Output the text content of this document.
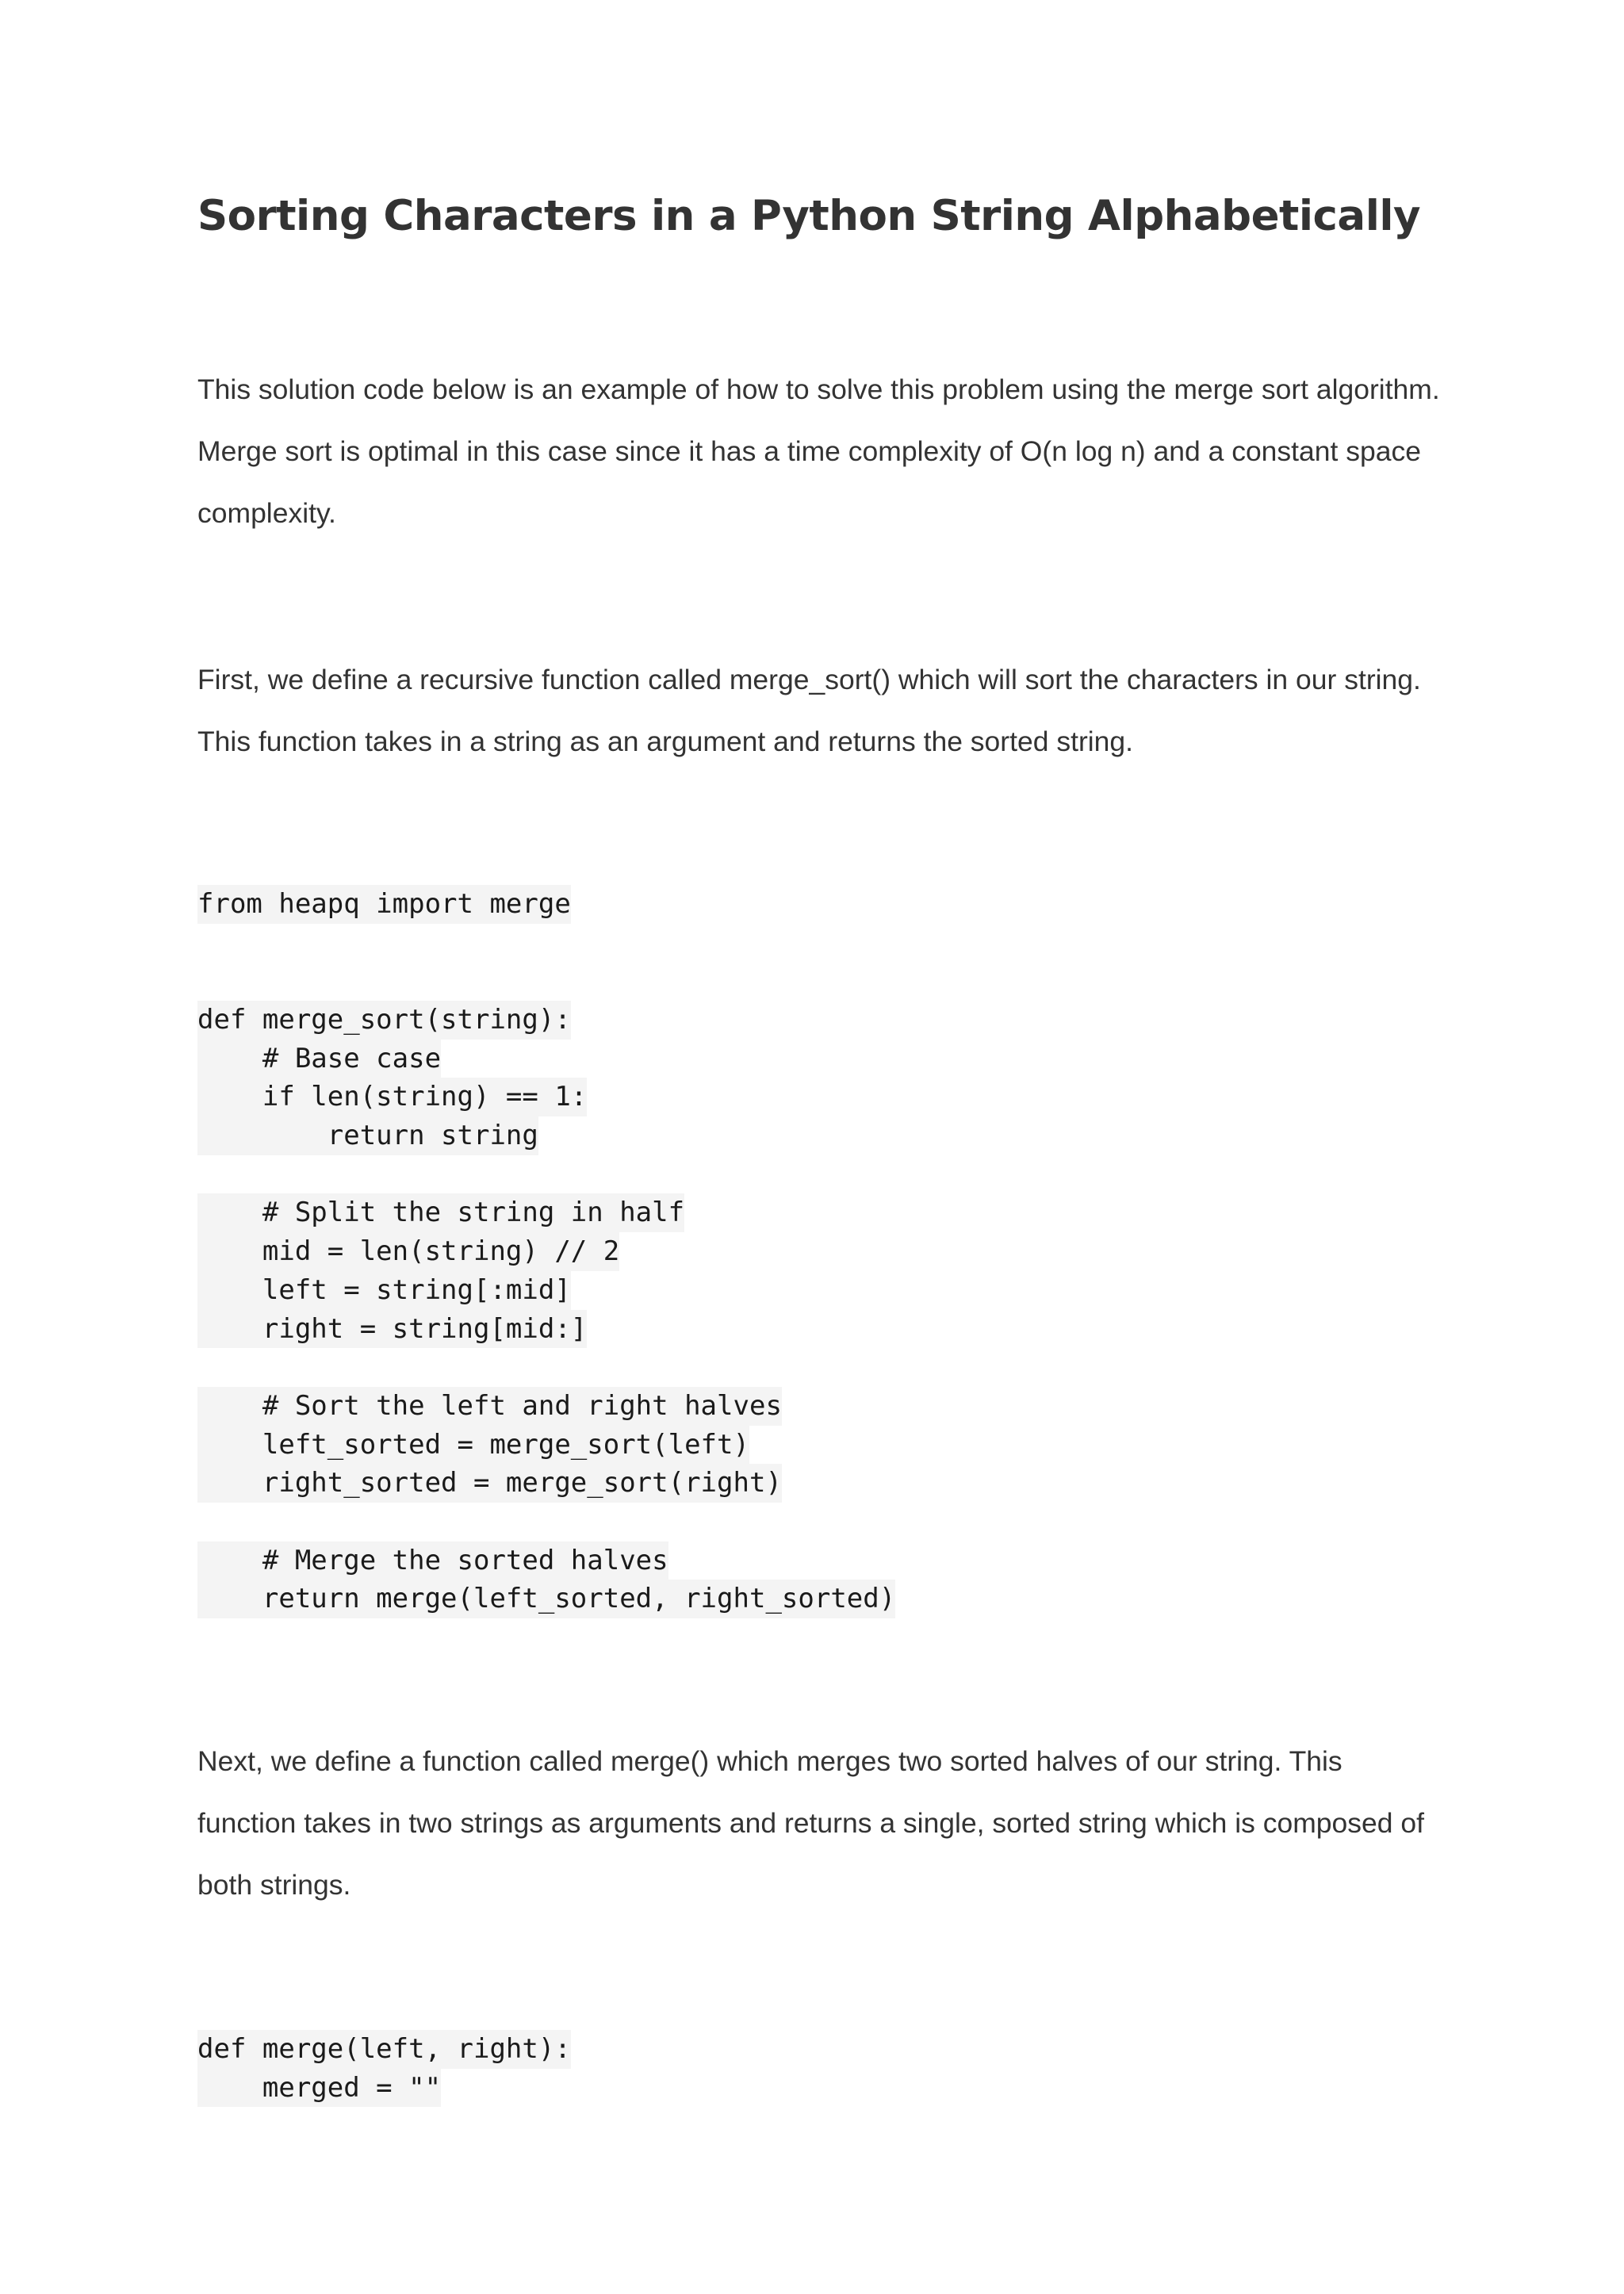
Sorting Characters in a Python String Alphabetically

This solution code below is an example of how to solve this problem using the merge sort algorithm. Merge sort is optimal in this case since it has a time complexity of O(n log n) and a constant space complexity.

First, we define a recursive function called merge_sort() which will sort the characters in our string. This function takes in a string as an argument and returns the sorted string.

from heapq import merge
def merge_sort(string):
# Base case
if len(string) == 1:
return string
# Split the string in half
mid = len(string) // 2
left = string[:mid]
right = string[mid:]
# Sort the left and right halves
left_sorted = merge_sort(left)
right_sorted = merge_sort(right)
# Merge the sorted halves
return merge(left_sorted, right_sorted)

Next, we define a function called merge() which merges two sorted halves of our string. This function takes in two strings as arguments and returns a single, sorted string which is composed of both strings.

def merge(left, right):
merged = ""
